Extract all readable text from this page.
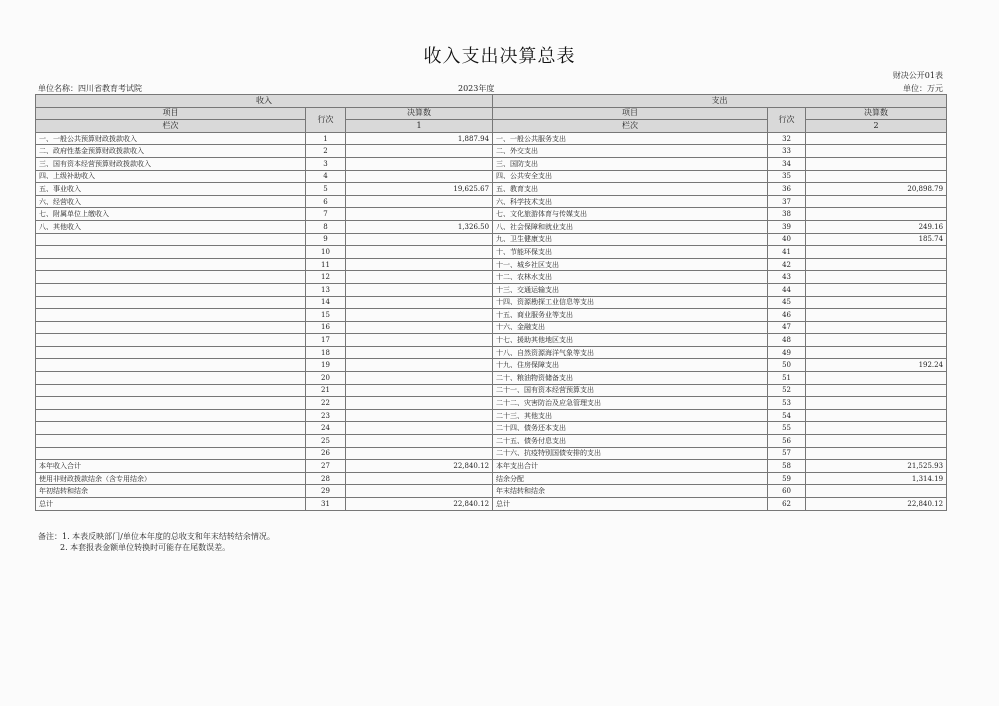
收入支出决算总表
财决公开01表
单位名称：四川省教育考试院	2023年度	单位：万元
收入			支出		
项目	行次	决算数	项目	行次	决算数
栏次		1	栏次		2
一、一般公共预算财政拨款收入	1	1,887.94	一、一般公共服务支出	32	
二、政府性基金预算财政拨款收入	2		二、外交支出	33	
三、国有资本经营预算财政拨款收入	3		三、国防支出	34	
四、上级补助收入	4		四、公共安全支出	35	
五、事业收入	5	19,625.67	五、教育支出	36	20,898.79
六、经营收入	6		六、科学技术支出	37	
七、附属单位上缴收入	7		七、文化旅游体育与传媒支出	38	
八、其他收入	8	1,326.50	八、社会保障和就业支出	39	249.16
	9		九、卫生健康支出	40	185.74
	10		十、节能环保支出	41	
	11		十一、城乡社区支出	42	
	12		十二、农林水支出	43	
	13		十三、交通运输支出	44	
	14		十四、资源勘探工业信息等支出	45	
	15		十五、商业服务业等支出	46	
	16		十六、金融支出	47	
	17		十七、援助其他地区支出	48	
	18		十八、自然资源海洋气象等支出	49	
	19		十九、住房保障支出	50	192.24
	20		二十、粮油物资储备支出	51	
	21		二十一、国有资本经营预算支出	52	
	22		二十二、灾害防治及应急管理支出	53	
	23		二十三、其他支出	54	
	24		二十四、债务还本支出	55	
	25		二十五、债务付息支出	56	
	26		二十六、抗疫特别国债安排的支出	57	
本年收入合计	27	22,840.12	本年支出合计	58	21,525.93
使用非财政拨款结余（含专用结余）	28		结余分配	59	1,314.19
年初结转和结余	29		年末结转和结余	60	
总计	31	22,840.12	总计	62	22,840.12
备注：1. 本表反映部门/单位本年度的总收支和年末结转结余情况。
2. 本套报表金额单位转换时可能存在尾数误差。
